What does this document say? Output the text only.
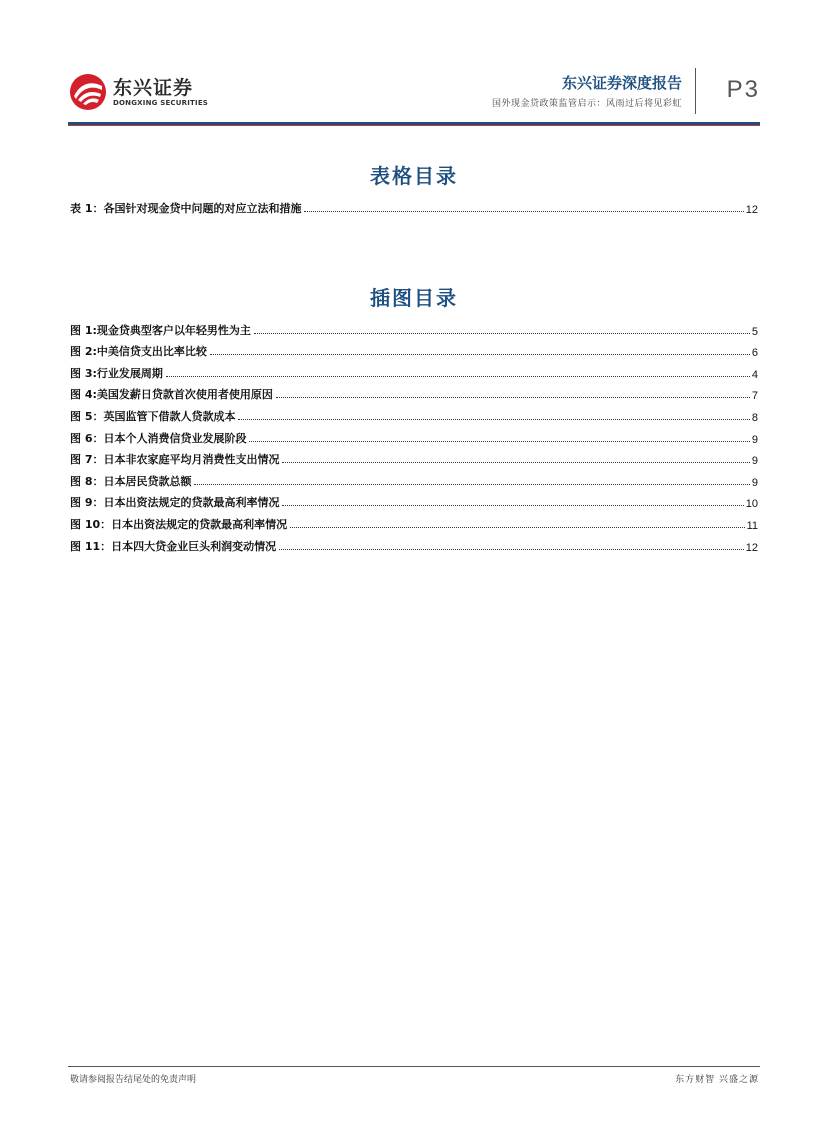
东兴证券
DONGXING SECURITIES
东兴证券深度报告
国外现金贷政策监管启示：风雨过后将见彩虹
P3
表格目录
表 1：各国针对现金贷中问题的对应立法和措施	12
插图目录
图 1:现金贷典型客户以年轻男性为主	5
图 2:中美信贷支出比率比较	6
图 3:行业发展周期	4
图 4:美国发薪日贷款首次使用者使用原因	7
图 5：英国监管下借款人贷款成本	8
图 6：日本个人消费信贷业发展阶段	9
图 7：日本非农家庭平均月消费性支出情况	9
图 8：日本居民贷款总额	9
图 9：日本出资法规定的贷款最高利率情况	10
图 10：日本出资法规定的贷款最高利率情况	11
图 11：日本四大贷金业巨头利润变动情况	12
敬请参阅报告结尾处的免责声明	东方财智 兴盛之源
